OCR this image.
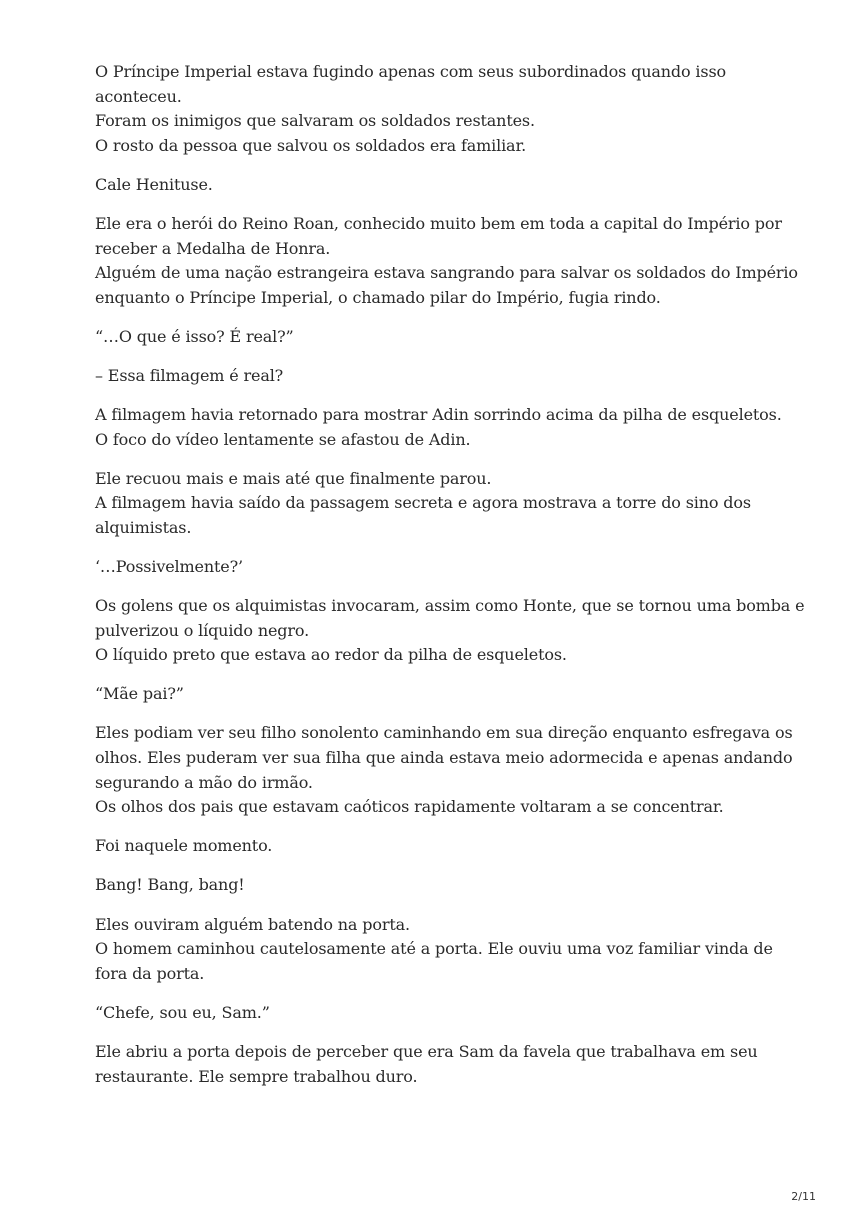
O Príncipe Imperial estava fugindo apenas com seus subordinados quando isso
aconteceu.
Foram os inimigos que salvaram os soldados restantes.
O rosto da pessoa que salvou os soldados era familiar.

Cale Henituse.

Ele era o herói do Reino Roan, conhecido muito bem em toda a capital do Império por
receber a Medalha de Honra.
Alguém de uma nação estrangeira estava sangrando para salvar os soldados do Império
enquanto o Príncipe Imperial, o chamado pilar do Império, fugia rindo.

“…O que é isso? É real?”

– Essa filmagem é real?

A filmagem havia retornado para mostrar Adin sorrindo acima da pilha de esqueletos.
O foco do vídeo lentamente se afastou de Adin.

Ele recuou mais e mais até que finalmente parou.
A filmagem havia saído da passagem secreta e agora mostrava a torre do sino dos
alquimistas.

‘…Possivelmente?’

Os golens que os alquimistas invocaram, assim como Honte, que se tornou uma bomba e
pulverizou o líquido negro.
O líquido preto que estava ao redor da pilha de esqueletos.

“Mãe pai?”

Eles podiam ver seu filho sonolento caminhando em sua direção enquanto esfregava os
olhos. Eles puderam ver sua filha que ainda estava meio adormecida e apenas andando
segurando a mão do irmão.
Os olhos dos pais que estavam caóticos rapidamente voltaram a se concentrar.

Foi naquele momento.

Bang! Bang, bang!

Eles ouviram alguém batendo na porta.
O homem caminhou cautelosamente até a porta. Ele ouviu uma voz familiar vinda de
fora da porta.

“Chefe, sou eu, Sam.”

Ele abriu a porta depois de perceber que era Sam da favela que trabalhava em seu
restaurante. Ele sempre trabalhou duro.

2/11
